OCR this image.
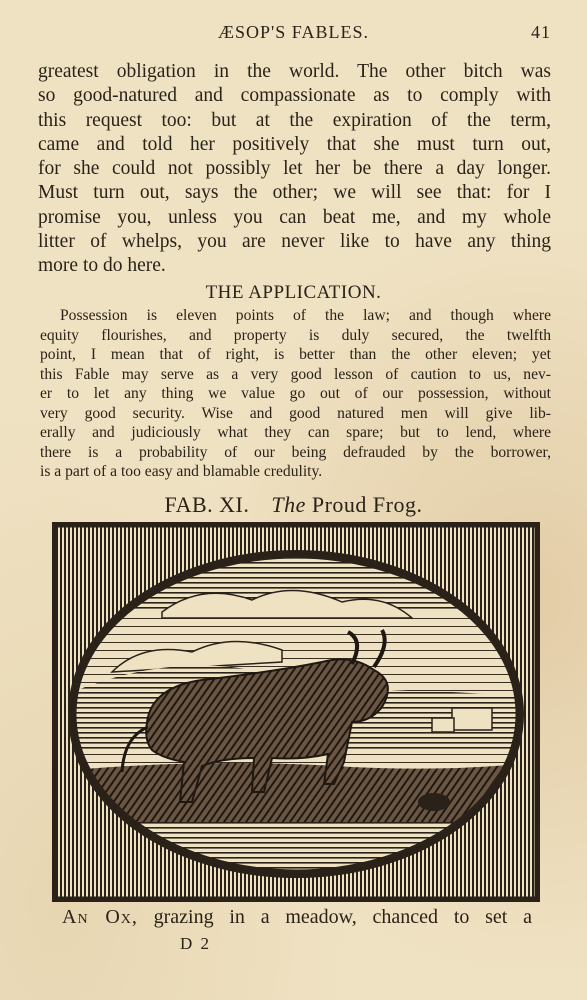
ÆSOP'S FABLES.	41
greatest obligation in the world. The other bitch was
so good-natured and compassionate as to comply with
this request too: but at the expiration of the term,
came and told her positively that she must turn out,
for she could not possibly let her be there a day longer.
Must turn out, says the other; we will see that: for I
promise you, unless you can beat me, and my whole
litter of whelps, you are never like to have any thing
more to do here.
THE APPLICATION.
Possession is eleven points of the law; and though where
equity flourishes, and property is duly secured, the twelfth
point, I mean that of right, is better than the other eleven; yet
this Fable may serve as a very good lesson of caution to us, nev-
er to let any thing we value go out of our possession, without
very good security. Wise and good natured men will give lib-
erally and judiciously what they can spare; but to lend, where
there is a probability of our being defrauded by the borrower,
is a part of a too easy and blamable credulity.
FAB. XI. The Proud Frog.
An Ox, grazing in a meadow, chanced to set a
D 2
